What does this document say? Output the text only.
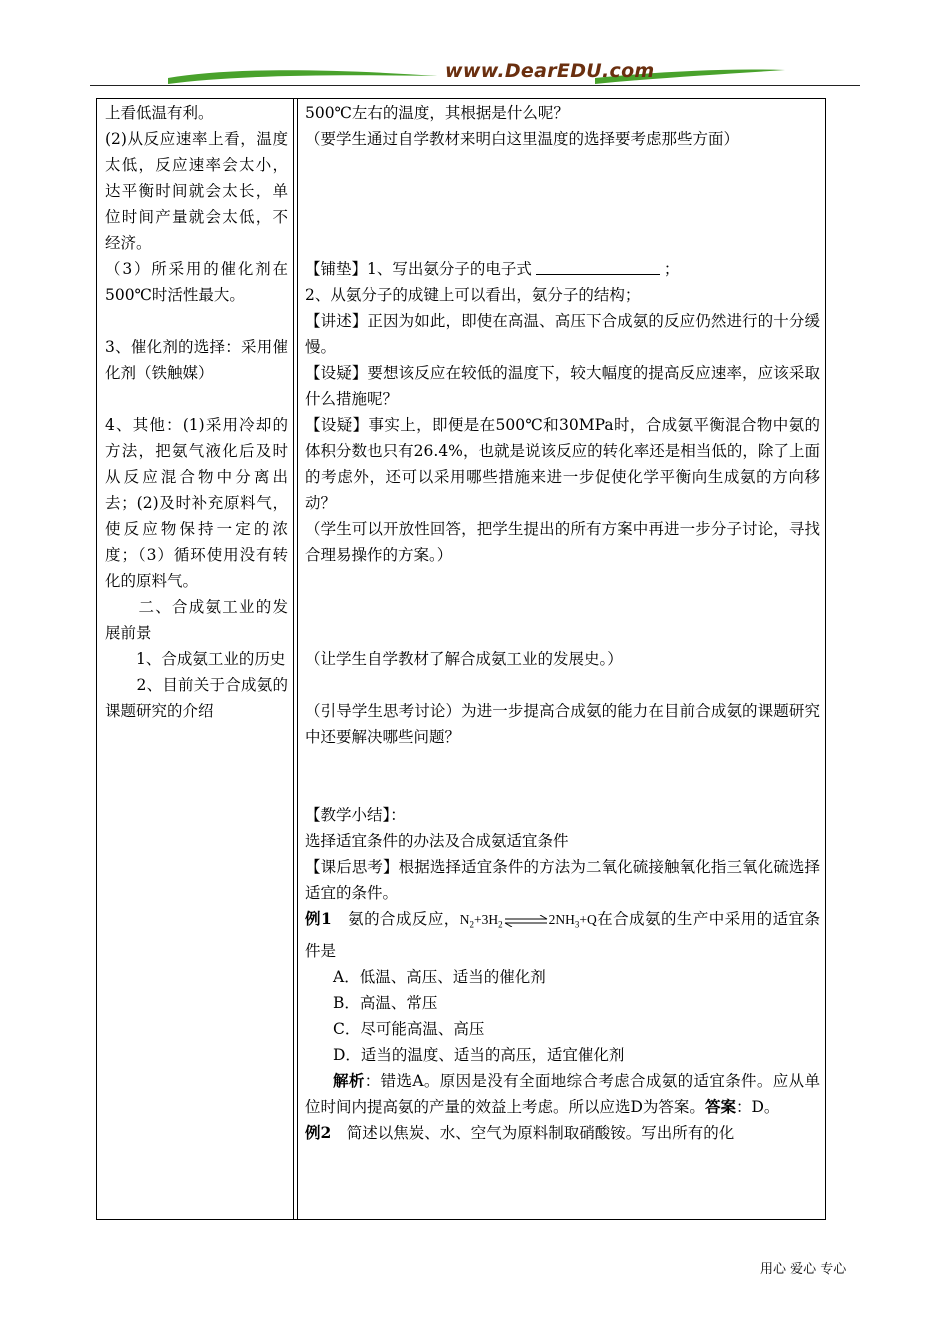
www.DearEDU.com

上看低温有利。

(2)从反应速率上看，温度太低，反应速率会太小，达平衡时间就会太长，单位时间产量就会太低，不经济。

（3）所采用的催化剂在500℃时活性最大。

3、催化剂的选择：采用催化剂（铁触媒）

4、其他：(1)采用冷却的方法，把氨气液化后及时从反应混合物中分离出去；(2)及时补充原料气，使反应物保持一定的浓度；（3）循环使用没有转化的原料气。

　　二、合成氨工业的发展前景

　　1、合成氨工业的历史

　　2、目前关于合成氨的课题研究的介绍

500℃左右的温度，其根据是什么呢？

（要学生通过自学教材来明白这里温度的选择要考虑那些方面）

【铺垫】1、写出氨分子的电子式	；

2、从氨分子的成键上可以看出，氨分子的结构；

【讲述】正因为如此，即使在高温、高压下合成氨的反应仍然进行的十分缓慢。

【设疑】要想该反应在较低的温度下，较大幅度的提高反应速率，应该采取什么措施呢？

【设疑】事实上，即便是在500℃和30MPa时，合成氨平衡混合物中氨的体积分数也只有26.4%，也就是说该反应的转化率还是相当低的，除了上面的考虑外，还可以采用哪些措施来进一步促使化学平衡向生成氨的方向移动？

（学生可以开放性回答，把学生提出的所有方案中再进一步分子讨论，寻找合理易操作的方案。）

（让学生自学教材了解合成氨工业的发展史。）

（引导学生思考讨论）为进一步提高合成氨的能力在目前合成氨的课题研究中还要解决哪些问题？

【教学小结】：

选择适宜条件的办法及合成氨适宜条件

【课后思考】根据选择适宜条件的方法为二氧化硫接触氧化指三氧化硫选择适宜的条件。

例1　氨的合成反应，$N_2+3H_2\rightleftharpoons 2NH_3+Q$在合成氨的生产中采用的适宜条件是

A．低温、高压、适当的催化剂

B．高温、常压

C．尽可能高温、高压

D．适当的温度、适当的高压，适宜催化剂

解析：错选A。原因是没有全面地综合考虑合成氨的适宜条件。应从单位时间内提高氨的产量的效益上考虑。所以应选D为答案。答案：D。

例2　简述以焦炭、水、空气为原料制取硝酸铵。写出所有的化

用心 爱心 专心
